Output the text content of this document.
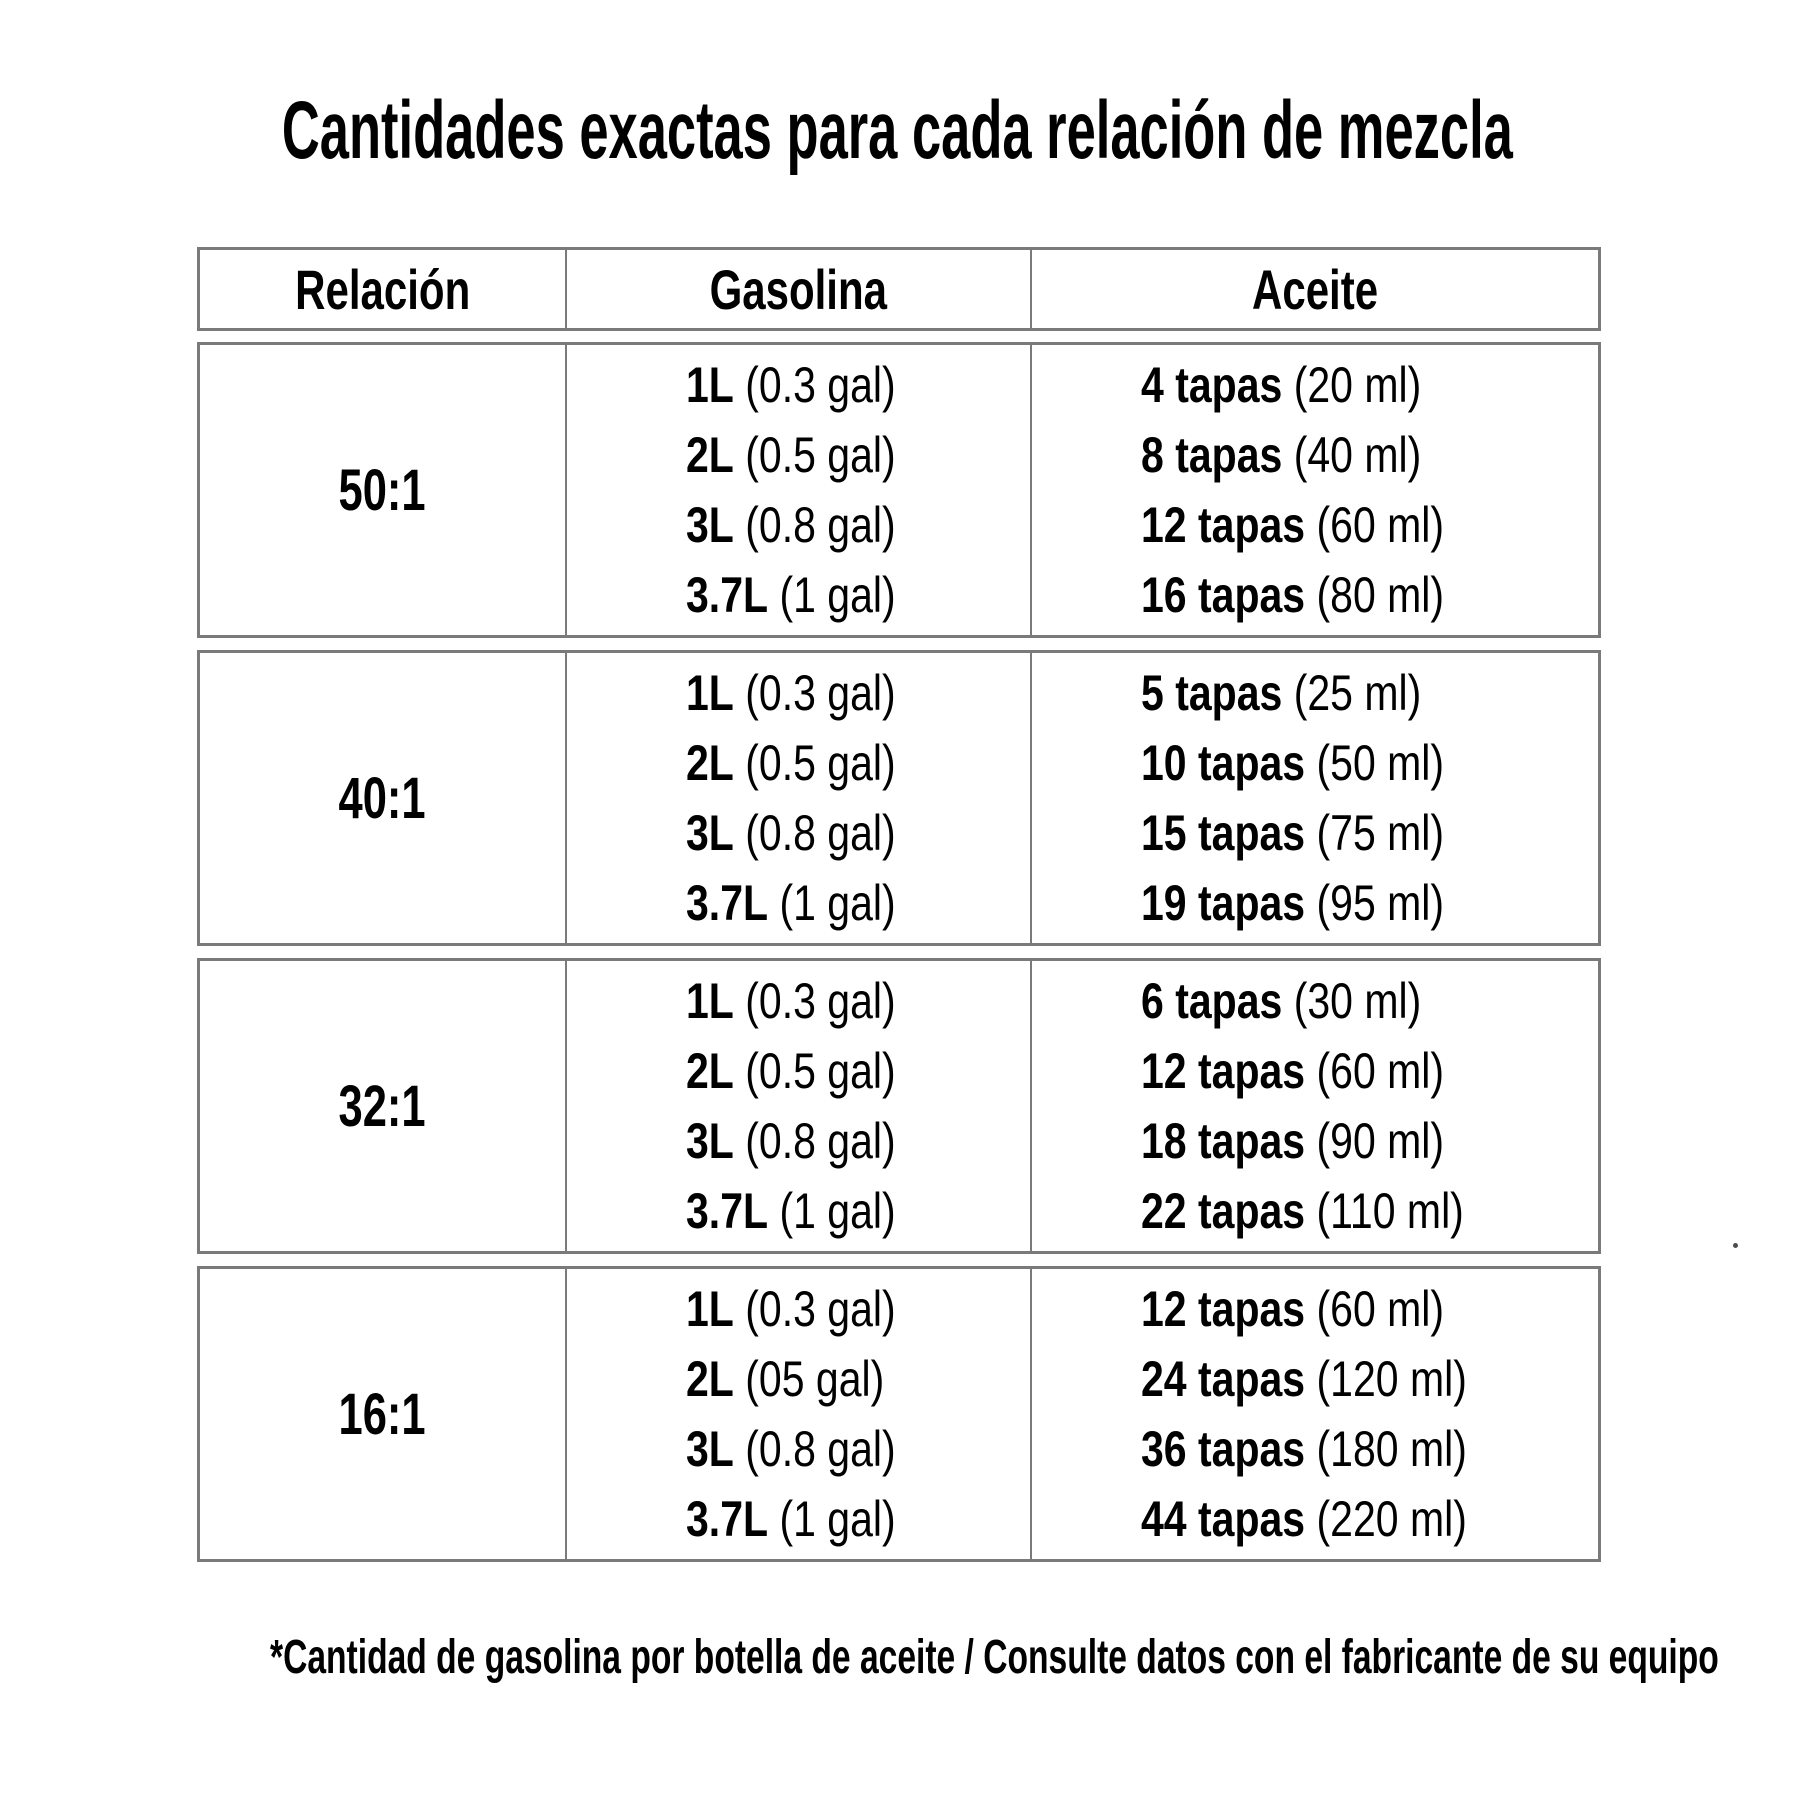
Cantidades exactas para cada relación de mezcla
Relación	Gasolina	Aceite
50:1
1L (0.3 gal)
2L (0.5 gal)
3L (0.8 gal)
3.7L (1 gal)
4 tapas (20 ml)
8 tapas (40 ml)
12 tapas (60 ml)
16 tapas (80 ml)
40:1
1L (0.3 gal)
2L (0.5 gal)
3L (0.8 gal)
3.7L (1 gal)
5 tapas (25 ml)
10 tapas (50 ml)
15 tapas (75 ml)
19 tapas (95 ml)
32:1
1L (0.3 gal)
2L (0.5 gal)
3L (0.8 gal)
3.7L (1 gal)
6 tapas (30 ml)
12 tapas (60 ml)
18 tapas (90 ml)
22 tapas (110 ml)
16:1
1L (0.3 gal)
2L (05 gal)
3L (0.8 gal)
3.7L (1 gal)
12 tapas (60 ml)
24 tapas (120 ml)
36 tapas (180 ml)
44 tapas (220 ml)
*Cantidad de gasolina por botella de aceite / Consulte datos con el fabricante de su equipo
